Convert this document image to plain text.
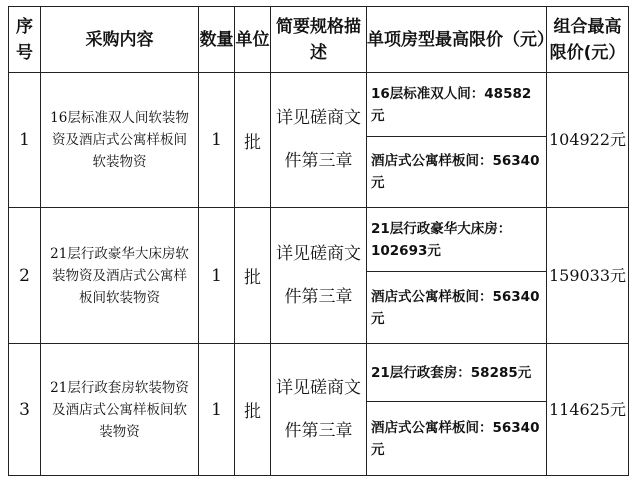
序号	采购内容	数量	单位	简要规格描述	单项房型最高限价（元）	组合最高限价(元）
1	16层标准双人间软装物资及酒店式公寓样板间软装物资	1	批	详见磋商文件第三章	16层标准双人间：48582元	104922元
					酒店式公寓样板间：56340元	
2	21层行政豪华大床房软装物资及酒店式公寓样板间软装物资	1	批	详见磋商文件第三章	21层行政豪华大床房：102693元	159033元
					酒店式公寓样板间：56340元	
3	21层行政套房软装物资及酒店式公寓样板间软装物资	1	批	详见磋商文件第三章	21层行政套房：58285元	114625元
					酒店式公寓样板间：56340元	
